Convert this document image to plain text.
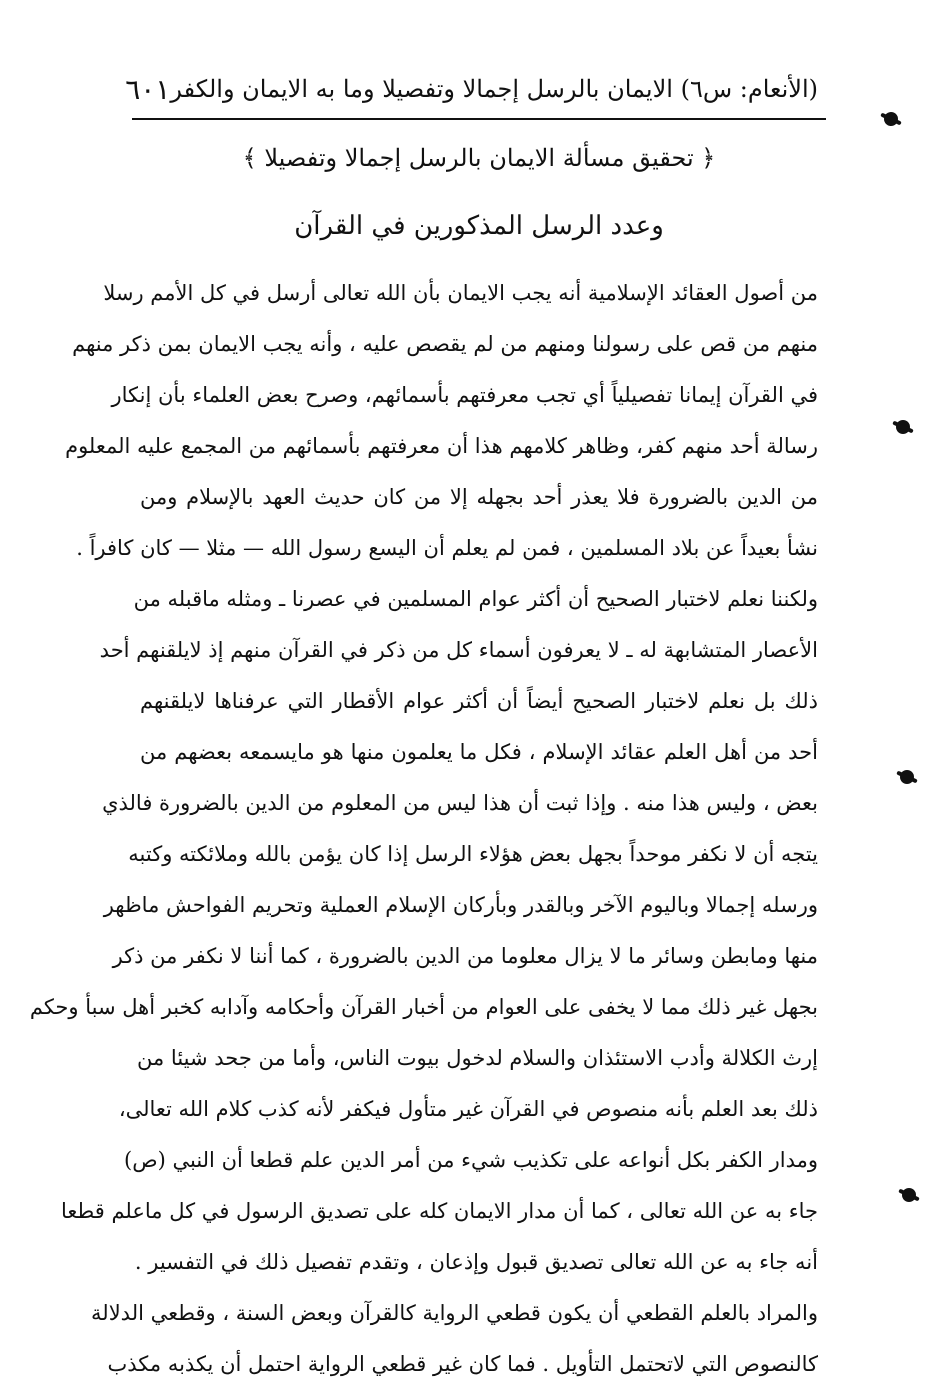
(الأنعام: س٦) الايمان بالرسل إجمالا وتفصيلا وما به الايمان والكفر
٦٠١
﴿ تحقيق مسألة الايمان بالرسل إجمالا وتفصيلا ﴾
وعدد الرسل المذكورين في القرآن
من أصول العقائد الإسلامية أنه يجب الايمان بأن الله تعالى أرسل في كل الأمم رسلا
منهم من قص على رسولنا ومنهم من لم يقصص عليه ، وأنه يجب الايمان بمن ذكر منهم
في القرآن إيمانا تفصيلياً أي تجب معرفتهم بأسمائهم، وصرح بعض العلماء بأن إنكار
رسالة أحد منهم كفر، وظاهر كلامهم هذا أن معرفتهم بأسمائهم من المجمع عليه المعلوم
من الدين بالضرورة فلا يعذر أحد بجهله إلا من كان حديث العهد بالإسلام ومن
نشأ بعيداً عن بلاد المسلمين ، فمن لم يعلم أن اليسع رسول الله — مثلا — كان كافراً .
ولكننا نعلم لاختبار الصحيح أن أكثر عوام المسلمين في عصرنا ـ ومثله ماقبله من
الأعصار المتشابهة له ـ لا يعرفون أسماء كل من ذكر في القرآن منهم إذ لايلقنهم أحد
ذلك بل نعلم لاختبار الصحيح أيضاً أن أكثر عوام الأقطار التي عرفناها لايلقنهم
أحد من أهل العلم عقائد الإسلام ، فكل ما يعلمون منها هو مايسمعه بعضهم من
بعض ، وليس هذا منه . وإذا ثبت أن هذا ليس من المعلوم من الدين بالضرورة فالذي
يتجه أن لا نكفر موحداً بجهل بعض هؤلاء الرسل إذا كان يؤمن بالله وملائكته وكتبه
ورسله إجمالا وباليوم الآخر وبالقدر وبأركان الإسلام العملية وتحريم الفواحش ماظهر
منها ومابطن وسائر ما لا يزال معلوما من الدين بالضرورة ، كما أننا لا نكفر من ذكر
بجهل غير ذلك مما لا يخفى على العوام من أخبار القرآن وأحكامه وآدابه كخبر أهل سبأ وحكم
إرث الكلالة وأدب الاستئذان والسلام لدخول بيوت الناس، وأما من جحد شيئا من
ذلك بعد العلم بأنه منصوص في القرآن غير متأول فيكفر لأنه كذب كلام الله تعالى،
ومدار الكفر بكل أنواعه على تكذيب شيء من أمر الدين علم قطعا أن النبي (ص)
جاء به عن الله تعالى ، كما أن مدار الايمان كله على تصديق الرسول في كل ماعلم قطعا
أنه جاء به عن الله تعالى تصديق قبول وإذعان ، وتقدم تفصيل ذلك في التفسير .
والمراد بالعلم القطعي أن يكون قطعي الرواية كالقرآن وبعض السنة ، وقطعي الدلالة
كالنصوص التي لاتحتمل التأويل . فما كان غير قطعي الرواية احتمل أن يكذبه مكذب
